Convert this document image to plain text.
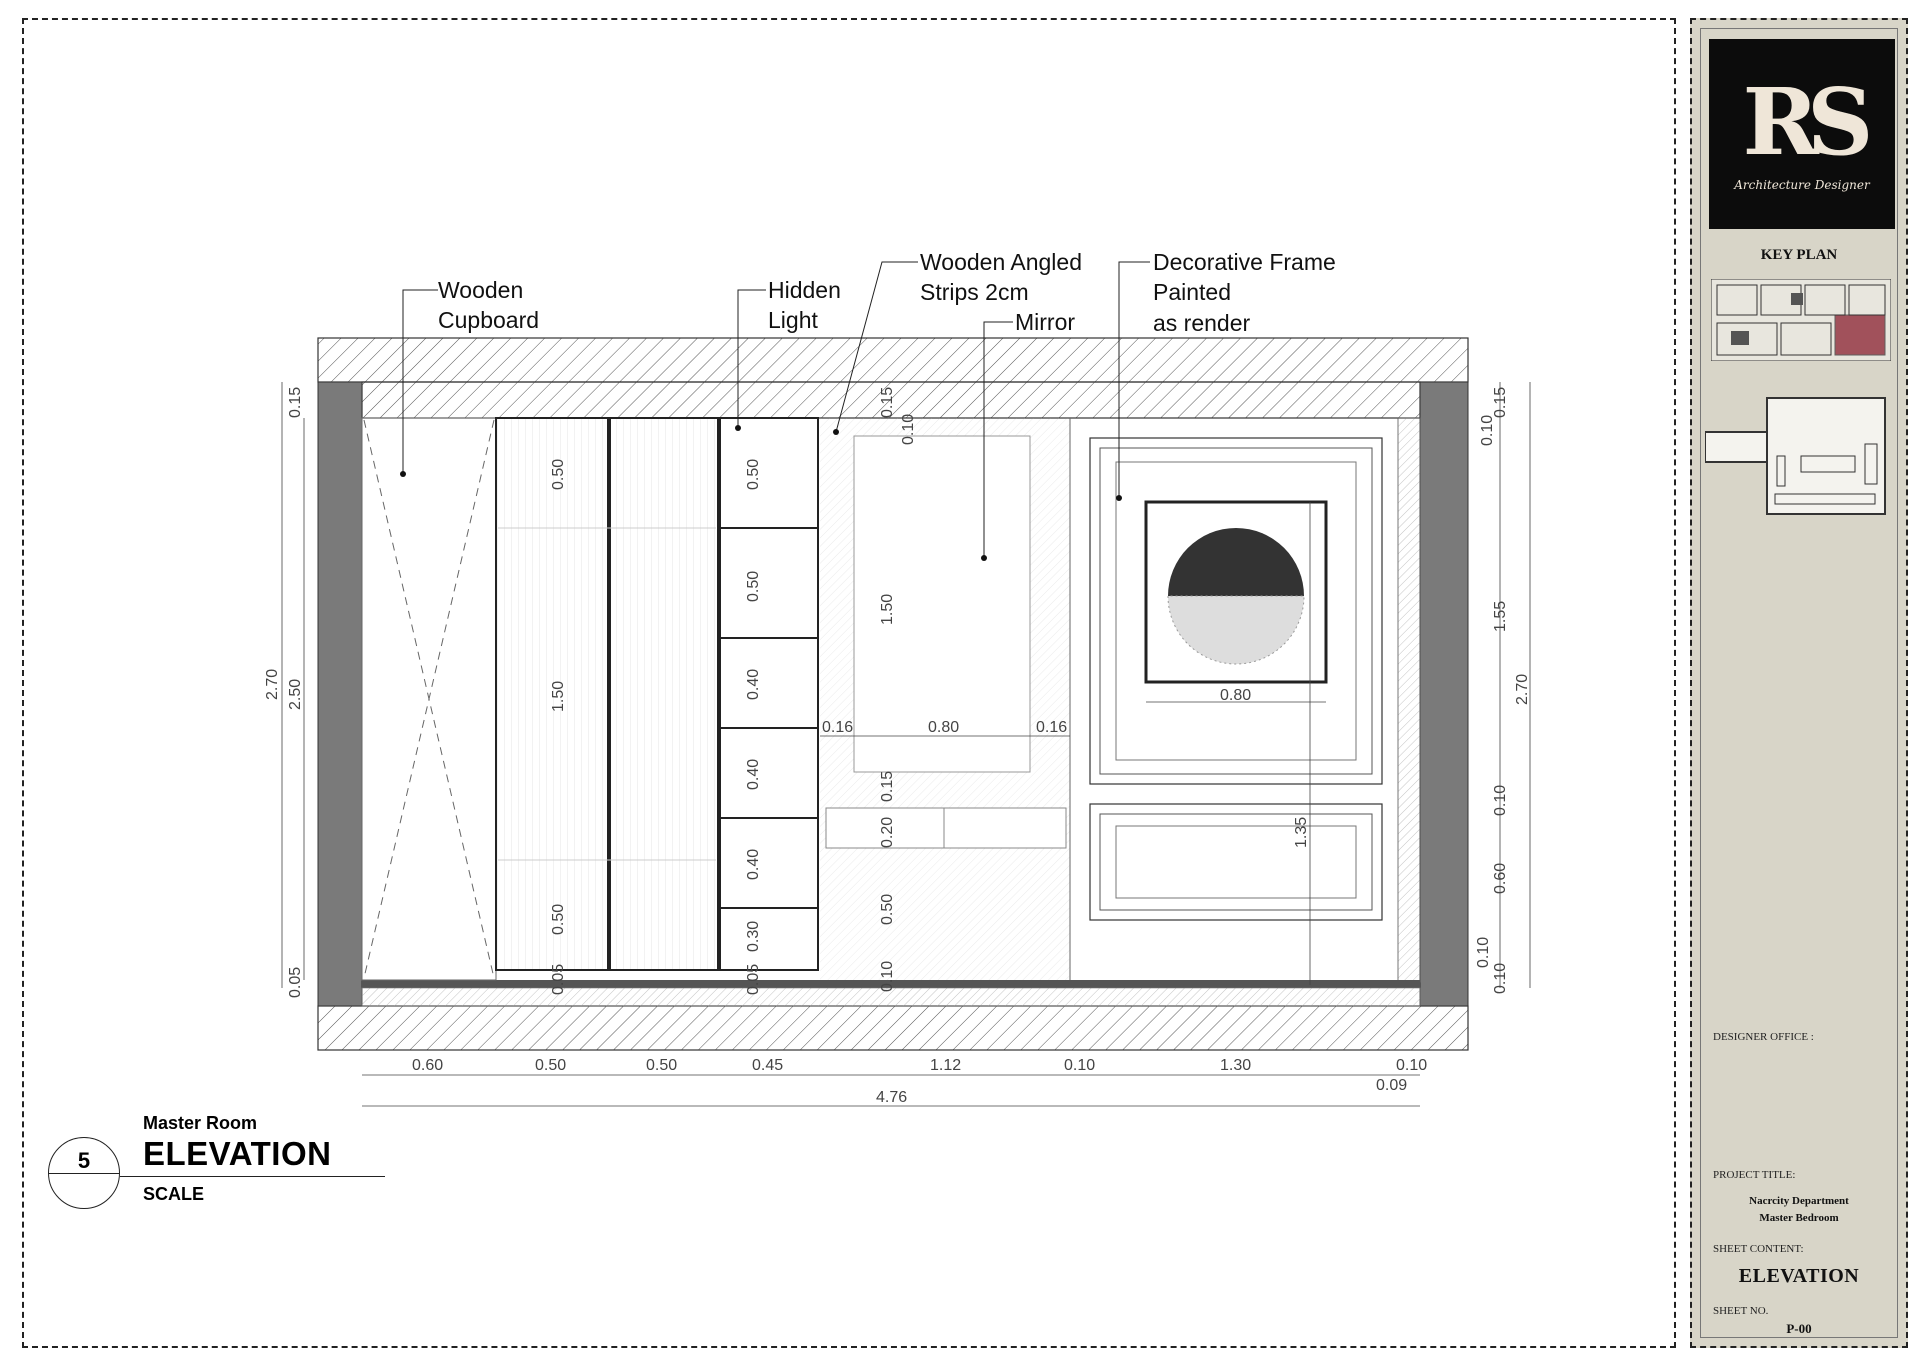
Wooden
Cupboard
Hidden
Light
Wooden Angled
Strips 2cm
Mirror
Decorative Frame
Painted
as render
2.70 2.50
0.15
0.05
0.50
1.50
0.50
0.05
0.50
0.50
0.40
0.40
0.40
0.30
0.05
0.15
0.10
1.50
0.15
0.20
0.50
0.10
0.16	0.80	0.16
0.80
1.35
0.15
0.10
1.55
0.10
0.60
0.10
0.10
2.70
0.60	0.50	0.50	0.45	1.12	0.10	1.30	0.10
0.09
4.76
5
Master Room
ELEVATION
SCALE
RS
Architecture Designer
KEY PLAN
DESIGNER OFFICE :
PROJECT TITLE:
Nacrcity Department
Master Bedroom
SHEET CONTENT:
ELEVATION
SHEET NO.
P-00
